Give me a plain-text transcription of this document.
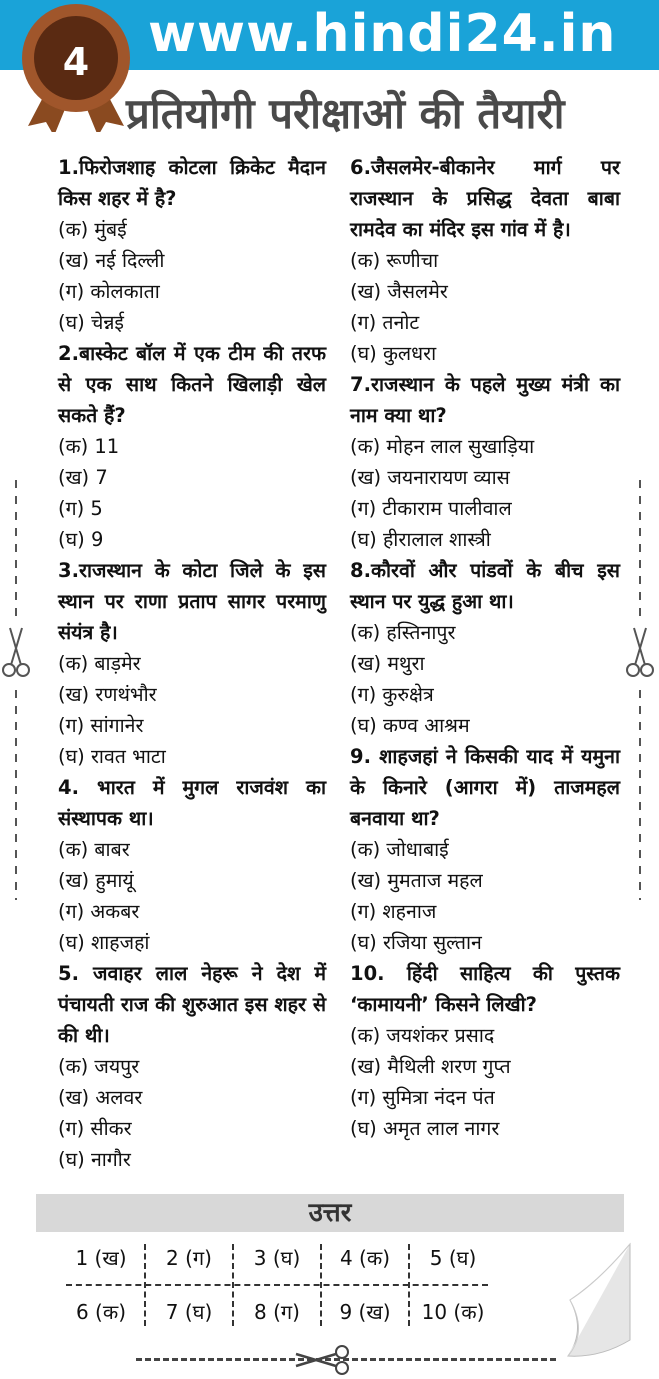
www.hindi24.in
4
प्रतियोगी परीक्षाओं की तैयारी

1.फिरोजशाह कोटला क्रिकेट मैदान किस शहर में है?

(क) मुंबई

(ख) नई दिल्ली

(ग) कोलकाता

(घ) चेन्नई

2.बास्केट बॉल में एक टीम की तरफ से एक साथ कितने खिलाड़ी खेल सकते हैं?

(क) 11

(ख) 7

(ग) 5

(घ) 9

3.राजस्थान के कोटा जिले के इस स्थान पर राणा प्रताप सागर परमाणु संयंत्र है।

(क) बाड़मेर

(ख) रणथंभौर

(ग) सांगानेर

(घ) रावत भाटा

4. भारत में मुगल राजवंश का संस्थापक था।

(क) बाबर

(ख) हुमायूं

(ग) अकबर

(घ) शाहजहां

5. जवाहर लाल नेहरू ने देश में पंचायती राज की शुरुआत इस शहर से की थी।

(क) जयपुर

(ख) अलवर

(ग) सीकर

(घ) नागौर

6.जैसलमेर-बीकानेर मार्ग पर राजस्थान के प्रसिद्ध देवता बाबा रामदेव का मंदिर इस गांव में है।

(क) रूणीचा

(ख) जैसलमेर

(ग) तनोट

(घ) कुलधरा

7.राजस्थान के पहले मुख्य मंत्री का नाम क्या था?

(क) मोहन लाल सुखाड़िया

(ख) जयनारायण व्यास

(ग) टीकाराम पालीवाल

(घ) हीरालाल शास्त्री

8.कौरवों और पांडवों के बीच इस स्थान पर युद्ध हुआ था।

(क) हस्तिनापुर

(ख) मथुरा

(ग) कुरुक्षेत्र

(घ) कण्व आश्रम

9. शाहजहां ने किसकी याद में यमुना के किनारे (आगरा में) ताजमहल बनवाया था?

(क) जोधाबाई

(ख) मुमताज महल

(ग) शहनाज

(घ) रजिया सुल्तान

10. हिंदी साहित्य की पुस्तक ‘कामायनी’ किसने लिखी?

(क) जयशंकर प्रसाद

(ख) मैथिली शरण गुप्त

(ग) सुमित्रा नंदन पंत

(घ) अमृत लाल नागर

उत्तर
1 (ख)	2 (ग)	3 (घ)	4 (क)	5 (घ)
6 (क)	7 (घ)	8 (ग)	9 (ख)	10 (क)
